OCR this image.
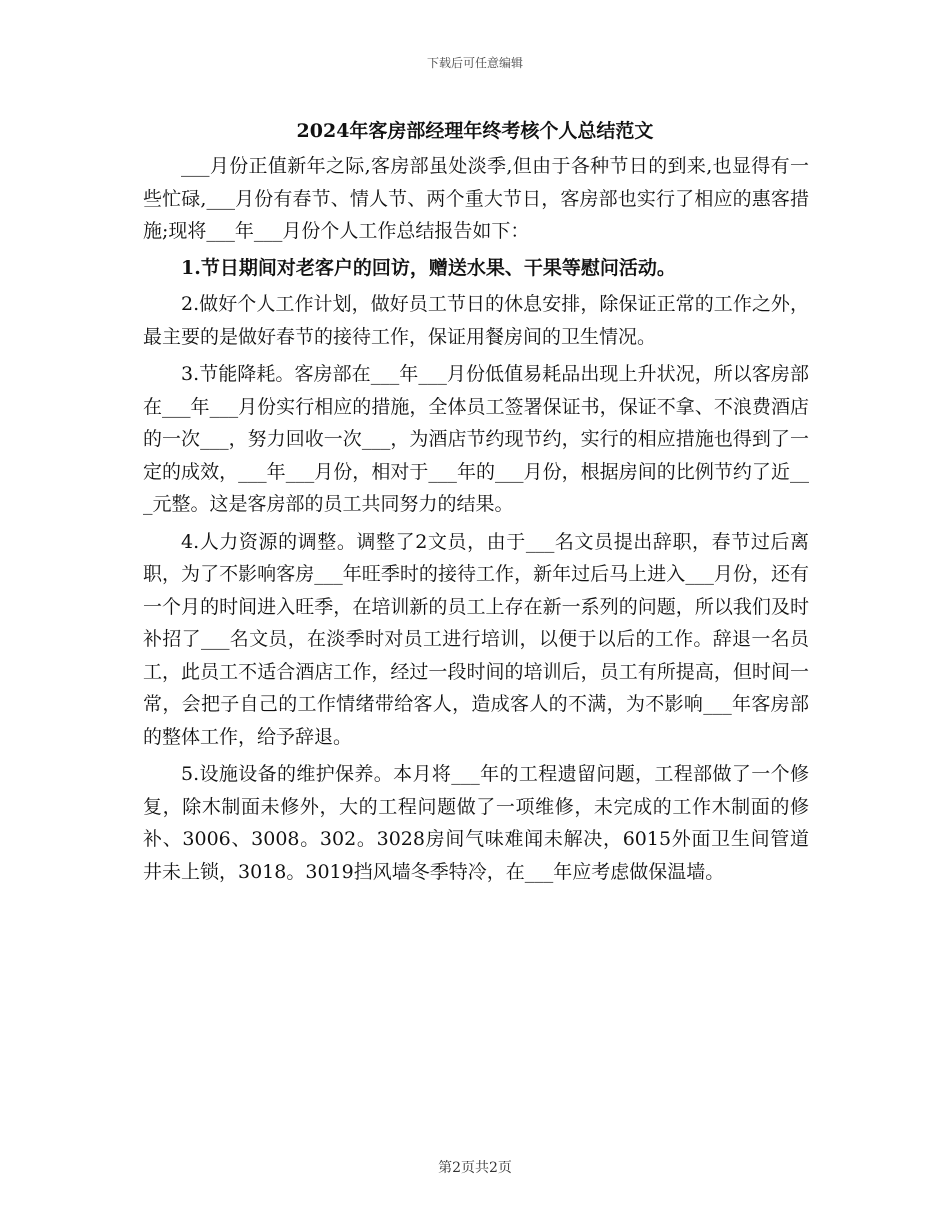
下载后可任意编辑
2024年客房部经理年终考核个人总结范文

___月份正值新年之际,客房部虽处淡季,但由于各种节日的到来,也显得有一些忙碌,___月份有春节、情人节、两个重大节日，客房部也实行了相应的惠客措施;现将___年___月份个人工作总结报告如下：

1.节日期间对老客户的回访，赠送水果、干果等慰问活动。

2.做好个人工作计划，做好员工节日的休息安排，除保证正常的工作之外，最主要的是做好春节的接待工作，保证用餐房间的卫生情况。

3.节能降耗。客房部在___年___月份低值易耗品出现上升状况，所以客房部在___年___月份实行相应的措施，全体员工签署保证书，保证不拿、不浪费酒店的一次___，努力回收一次___，为酒店节约现节约，实行的相应措施也得到了一定的成效，___年___月份，相对于___年的___月份，根据房间的比例节约了近___元整。这是客房部的员工共同努力的结果。

4.人力资源的调整。调整了2文员，由于___名文员提出辞职，春节过后离职，为了不影响客房___年旺季时的接待工作，新年过后马上进入___月份，还有一个月的时间进入旺季，在培训新的员工上存在新一系列的问题，所以我们及时补招了___名文员，在淡季时对员工进行培训，以便于以后的工作。辞退一名员工，此员工不适合酒店工作，经过一段时间的培训后，员工有所提高，但时间一常，会把子自己的工作情绪带给客人，造成客人的不满，为不影响___年客房部的整体工作，给予辞退。

5.设施设备的维护保养。本月将___年的工程遗留问题，工程部做了一个修复，除木制面未修外，大的工程问题做了一项维修，未完成的工作木制面的修补、3006、3008。302。3028房间气味难闻未解决，6015外面卫生间管道井未上锁，3018。3019挡风墙冬季特冷，在___年应考虑做保温墙。

第2页共2页
